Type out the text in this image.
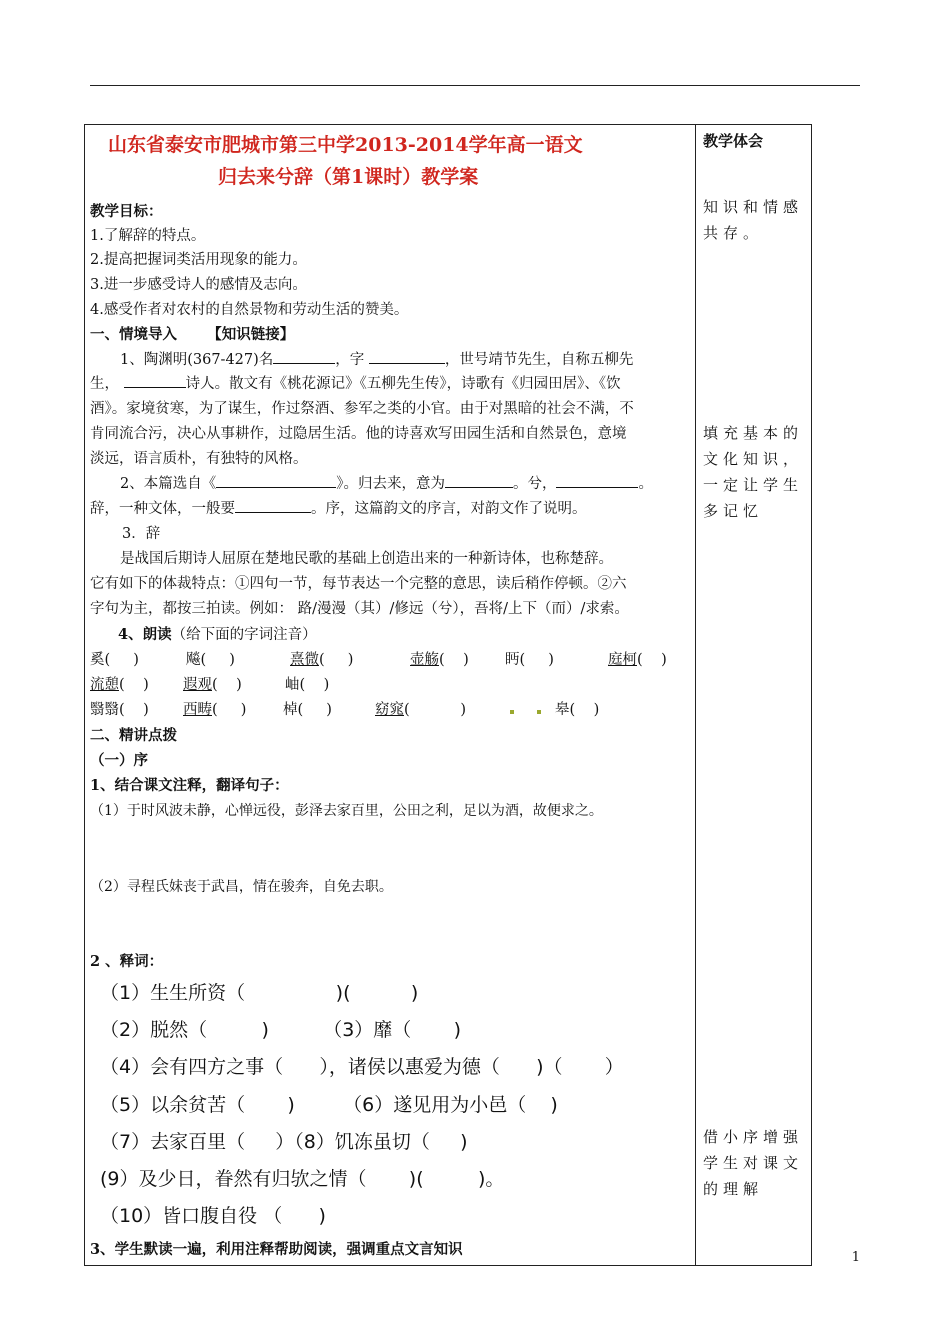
山东省泰安市肥城市第三中学2013-2014学年高一语文
归去来兮辞（第1课时）教学案
教学体会
知识和情感共存。
填充基本的文化知识，一定让学生多记忆
借小序增强学生对课文的理解
教学目标：
1.了解辞的特点。
2.提高把握词类活用现象的能力。
3.进一步感受诗人的感情及志向。
4.感受作者对农村的自然景物和劳动生活的赞美。
一、情境导入 【知识链接】
1、陶渊明(367-427)名	，字	，世号靖节先生，自称五柳先
生，	诗人。散文有《桃花源记》《五柳先生传》，诗歌有《归园田居》、《饮
酒》。家境贫寒，为了谋生，作过祭酒、参军之类的小官。由于对黑暗的社会不满，不
肯同流合污，决心从事耕作，过隐居生活。他的诗喜欢写田园生活和自然景色，意境
淡远，语言质朴，有独特的风格。
2、本篇选自《	》。归去来，意为	。兮，	。
辞，一种文体，一般要	。序，这篇韵文的序言，对韵文作了说明。
3．辞
是战国后期诗人屈原在楚地民歌的基础上创造出来的一种新诗体，也称楚辞。
它有如下的体裁特点：①四句一节，每节表达一个完整的意思，读后稍作停顿。②六
字句为主，都按三拍读。例如： 路/漫漫（其）/修远（兮），吾将/上下（而）/求索。
4、朗读（给下面的字词注音）
奚(     )	飚(     )	熹微(     )	壶觞(    ) 眄(     )	庭柯(    )
流憩(    ) 遐观(    )	岫(    )
翳翳(    ) 西畴(     )	棹(     )	窈窕(           )	皋(    )
二、精讲点拨
（一）序
1、结合课文注释，翻译句子：
（1）于时风波未静，心惮远役，彭泽去家百里，公田之利，足以为酒，故便求之。
（2）寻程氏妹丧于武昌，情在骏奔，自免去职。
2 、释词：
（1）生生所资（               )(          )
（2）脱然（         )         （3）靡（       )
（4）会有四方之事（ ），诸侯以惠爱为德（      )（       ）
（5）以余贫苦（       )        （6）遂见用为小邑（    )
（7）去家百里（ ）（8）饥冻虽切（     )
(9）及少日，眷然有归欤之情（       )(         )。
（10）皆口腹自役 （      )
3、学生默读一遍，利用注释帮助阅读，强调重点文言知识	1
